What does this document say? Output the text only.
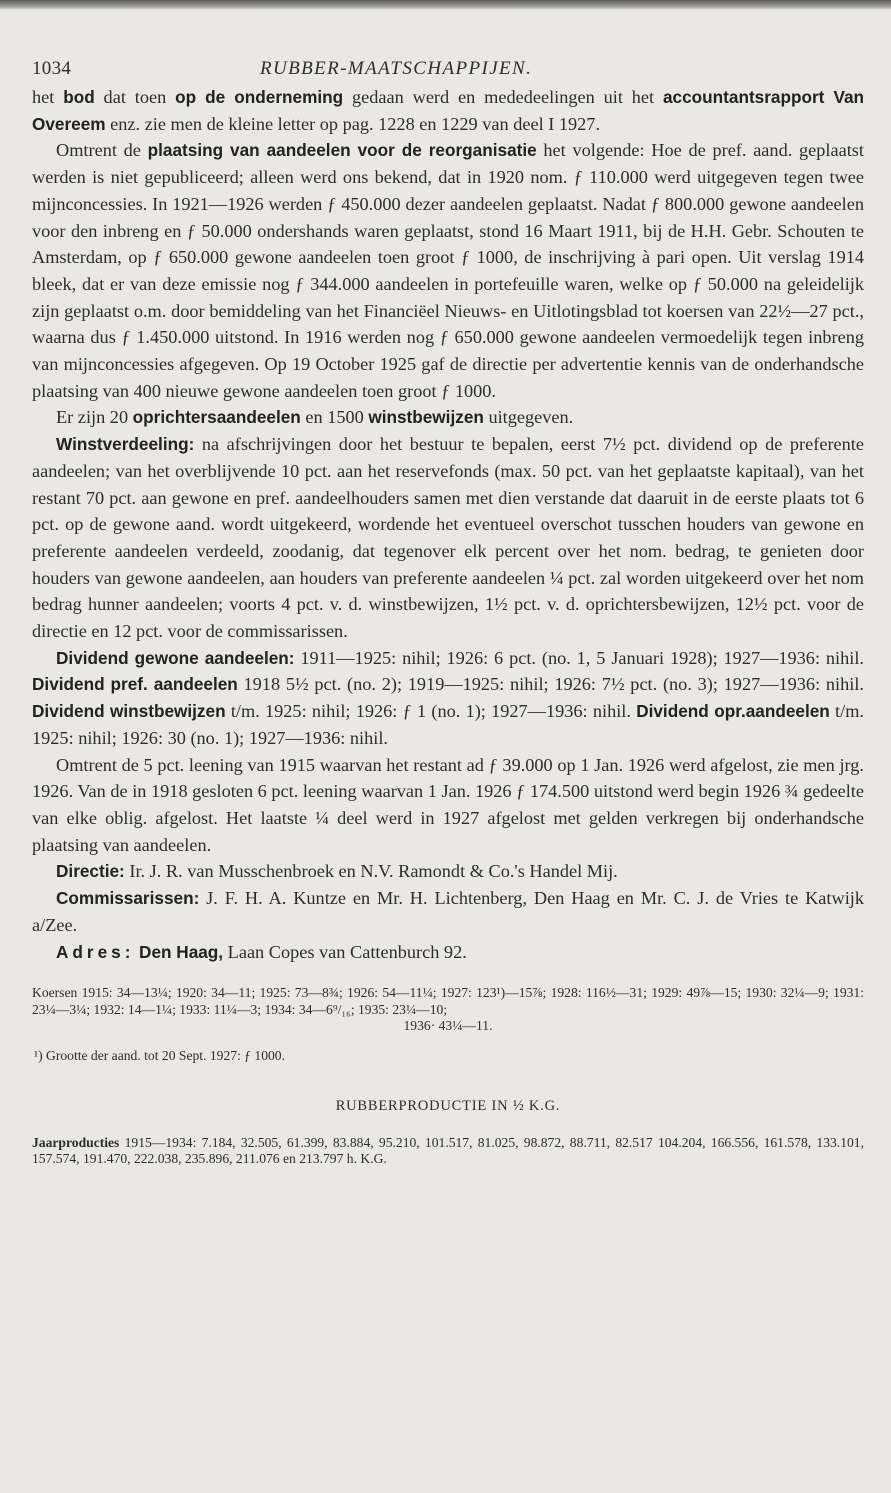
1034	RUBBER-MAATSCHAPPIJEN.

het bod dat toen op de onderneming gedaan werd en mededeelingen uit het accountantsrapport Van Overeem enz. zie men de kleine letter op pag. 1228 en 1229 van deel I 1927.

Omtrent de plaatsing van aandeelen voor de reorganisatie het volgende: Hoe de pref. aand. geplaatst werden is niet gepubliceerd; alleen werd ons bekend, dat in 1920 nom. ƒ 110.000 werd uitgegeven tegen twee mijnconcessies. In 1921—1926 werden ƒ 450.000 dezer aandeelen geplaatst. Nadat ƒ 800.000 gewone aandeelen voor den inbreng en ƒ 50.000 ondershands waren geplaatst, stond 16 Maart 1911, bij de H.H. Gebr. Schouten te Amsterdam, op ƒ 650.000 gewone aandeelen toen groot ƒ 1000, de inschrijving à pari open. Uit verslag 1914 bleek, dat er van deze emissie nog ƒ 344.000 aandeelen in portefeuille waren, welke op ƒ 50.000 na geleidelijk zijn geplaatst o.m. door bemiddeling van het Financiëel Nieuws- en Uitlotingsblad tot koersen van 22½—27 pct., waarna dus ƒ 1.450.000 uitstond. In 1916 werden nog ƒ 650.000 gewone aandeelen vermoedelijk tegen inbreng van mijnconcessies afgegeven. Op 19 October 1925 gaf de directie per advertentie kennis van de onderhandsche plaatsing van 400 nieuwe gewone aandeelen toen groot ƒ 1000.

Er zijn 20 oprichtersaandeelen en 1500 winstbewijzen uitgegeven.

Winstverdeeling: na afschrijvingen door het bestuur te bepalen, eerst 7½ pct. dividend op de preferente aandeelen; van het overblijvende 10 pct. aan het reservefonds (max. 50 pct. van het geplaatste kapitaal), van het restant 70 pct. aan gewone en pref. aandeelhouders samen met dien verstande dat daaruit in de eerste plaats tot 6 pct. op de gewone aand. wordt uitgekeerd, wordende het eventueel overschot tusschen houders van gewone en preferente aandeelen verdeeld, zoodanig, dat tegenover elk percent over het nom. bedrag, te genieten door houders van gewone aandeelen, aan houders van preferente aandeelen ¼ pct. zal worden uitgekeerd over het nom bedrag hunner aandeelen; voorts 4 pct. v. d. winstbewijzen, 1½ pct. v. d. oprichtersbewijzen, 12½ pct. voor de directie en 12 pct. voor de commissarissen.

Dividend gewone aandeelen: 1911—1925: nihil; 1926: 6 pct. (no. 1, 5 Januari 1928); 1927—1936: nihil. Dividend pref. aandeelen 1918 5½ pct. (no. 2); 1919—1925: nihil; 1926: 7½ pct. (no. 3); 1927—1936: nihil. Dividend winstbewijzen t/m. 1925: nihil; 1926: ƒ 1 (no. 1); 1927—1936: nihil. Dividend opr.aandeelen t/m. 1925: nihil; 1926: 30 (no. 1); 1927—1936: nihil.

Omtrent de 5 pct. leening van 1915 waarvan het restant ad ƒ 39.000 op 1 Jan. 1926 werd afgelost, zie men jrg. 1926. Van de in 1918 gesloten 6 pct. leening waarvan 1 Jan. 1926 ƒ 174.500 uitstond werd begin 1926 ¾ gedeelte van elke oblig. afgelost. Het laatste ¼ deel werd in 1927 afgelost met gelden verkregen bij onderhandsche plaatsing van aandeelen.

Directie: Ir. J. R. van Musschenbroek en N.V. Ramondt & Co.'s Handel Mij.

Commissarissen: J. F. H. A. Kuntze en Mr. H. Lichtenberg, Den Haag en Mr. C. J. de Vries te Katwijk a/Zee.

Adres: Den Haag, Laan Copes van Cattenburch 92.

Koersen 1915: 34—13¼; 1920: 34—11; 1925: 73—8¾; 1926: 54—11¼; 1927: 123¹)—15⅞; 1928: 116½—31; 1929: 49⅞—15; 1930: 32¼—9; 1931: 23¼—3¼; 1932: 14—1¼; 1933: 11¼—3; 1934: 34—6⁹/₁₆; 1935: 23¼—10;
1936· 43¼—11.
¹) Grootte der aand. tot 20 Sept. 1927: ƒ 1000.
RUBBERPRODUCTIE IN ½ K.G.
Jaarproducties 1915—1934: 7.184, 32.505, 61.399, 83.884, 95.210, 101.517, 81.025, 98.872, 88.711, 82.517 104.204, 166.556, 161.578, 133.101, 157.574, 191.470, 222.038, 235.896, 211.076 en 213.797 h. K.G.
